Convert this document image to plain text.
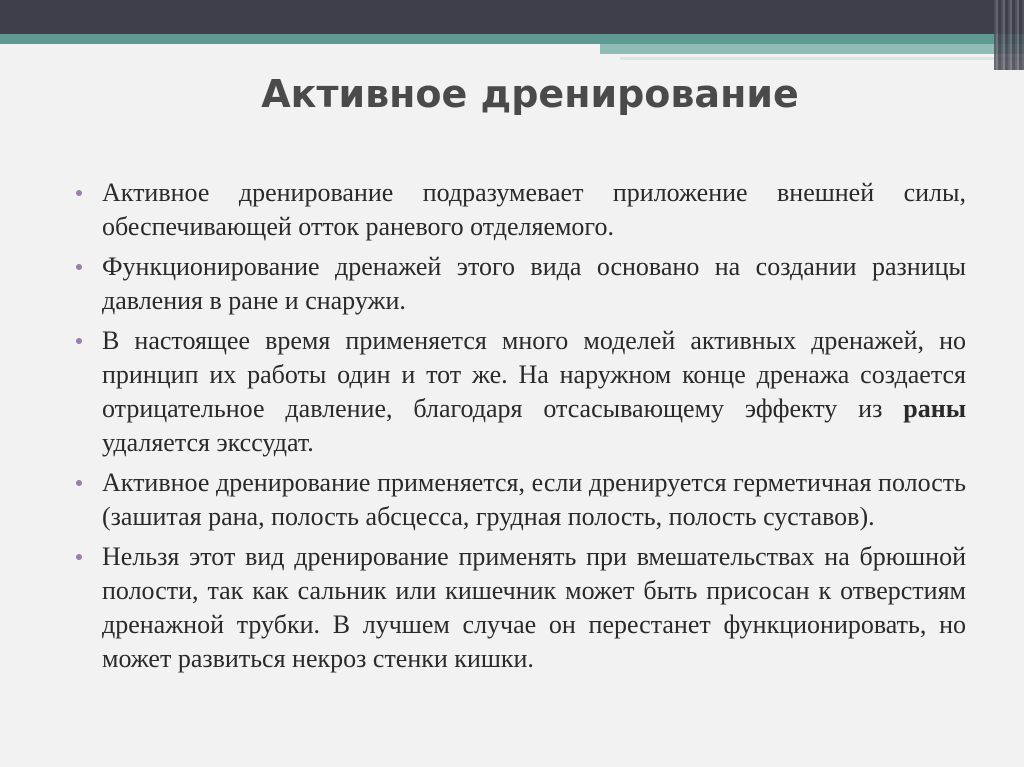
Активное дренирование
Активное дренирование подразумевает приложение внешней силы, обеспечивающей отток раневого отделяемого.
Функционирование дренажей этого вида основано на создании разницы давления в ране и снаружи.
В настоящее время применяется много моделей активных дренажей, но принцип их работы один и тот же. На наружном конце дренажа создается отрицательное давление, благодаря отсасывающему эффекту из раны удаляется экссудат.
Активное дренирование применяется, если дренируется герметичная полость (зашитая рана, полость абсцесса, грудная полость, полость суставов).
Нельзя этот вид дренирование применять при вмешательствах на брюшной полости, так как сальник или кишечник может быть присосан к отверстиям дренажной трубки. В лучшем случае он перестанет функционировать, но может развиться некроз стенки кишки.
